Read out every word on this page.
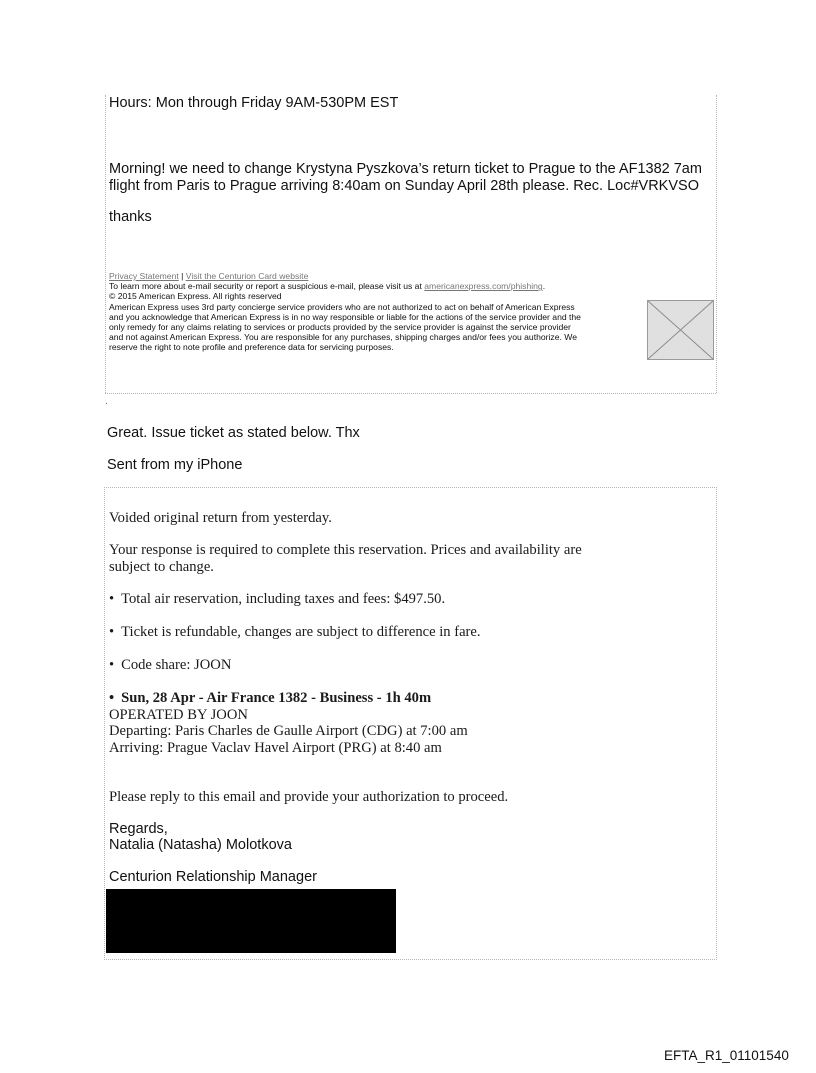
Hours: Mon through Friday 9AM-530PM EST
Morning! we need to change Krystyna Pyszkova’s return ticket to Prague to the AF1382 7am
flight from Paris to Prague arriving 8:40am on Sunday April 28th please. Rec. Loc#VRKVSO
thanks
Privacy Statement | Visit the Centurion Card website
To learn more about e-mail security or report a suspicious e-mail, please visit us at americanexpress.com/phishing.
© 2015 American Express. All rights reserved
American Express uses 3rd party concierge service providers who are not authorized to act on behalf of American Express
and you acknowledge that American Express is in no way responsible or liable for the actions of the service provider and the
only remedy for any claims relating to services or products provided by the service provider is against the service provider
and not against American Express. You are responsible for any purchases, shipping charges and/or fees you authorize. We
reserve the right to note profile and preference data for servicing purposes.
.
Great. Issue ticket as stated below. Thx
Sent from my iPhone
Voided original return from yesterday.
Your response is required to complete this reservation. Prices and availability are
subject to change.
• Total air reservation, including taxes and fees: $497.50.
• Ticket is refundable, changes are subject to difference in fare.
• Code share: JOON
• Sun, 28 Apr - Air France 1382 - Business - 1h 40m
OPERATED BY JOON
Departing: Paris Charles de Gaulle Airport (CDG) at 7:00 am
Arriving: Prague Vaclav Havel Airport (PRG) at 8:40 am
Please reply to this email and provide your authorization to proceed.
Regards,
Natalia (Natasha) Molotkova
Centurion Relationship Manager
EFTA_R1_01101540
